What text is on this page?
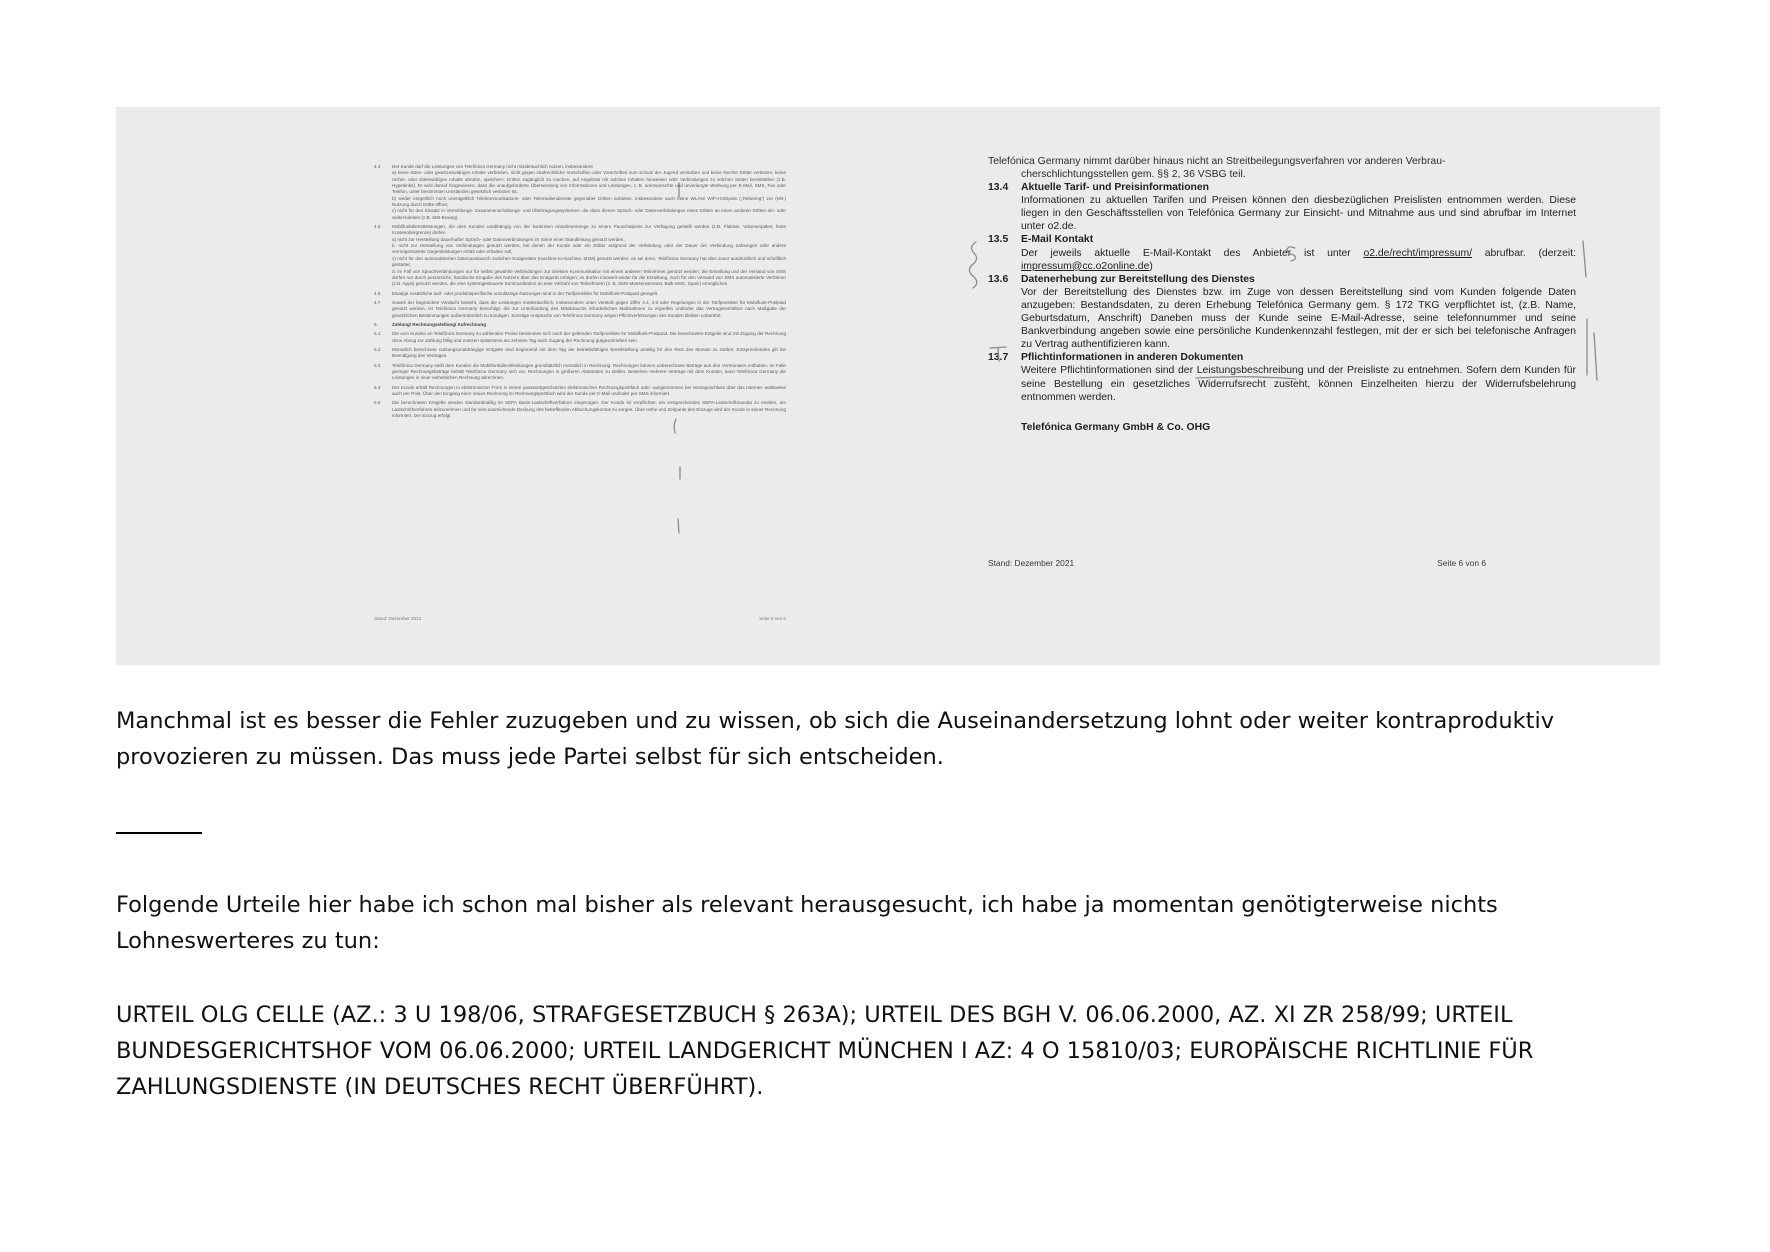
4.4	Der Kunde darf die Leistungen von Telefónica Germany nicht missbräuchlich nutzen, insbesondere
a) keine sitten- oder gesetzeswidrigen Inhalte verbreiten, nicht gegen strafrechtliche Vorschriften oder Vorschriften zum Schutz der Jugend verstoßen und keine Rechte Dritter verletzen, keine rechts- oder sittenwidrigen Inhalte abrufen, speichern, Dritten zugänglich zu machen, auf Angebote mit solchen Inhalten hinweisen oder Verbindungen zu solchen Seiten bereitstellen (z.B. Hyperlinks). Er wird darauf hingewiesen, dass die unaufgeforderte Übersendung von Informationen und Leistungen, z. B. unerwünschte und unverlangte Werbung per E-Mail, SMS, Fax oder Telefon, unter bestimmten Umständen gesetzlich verboten ist;
b) weder entgeltlich noch unentgeltlich Telekommunikations- oder Telemediendienste gegenüber Dritten anbieten, insbesondere auch keine WLAN/ WiFi-HotSpots („Tethering“) zur (Mit-) Nutzung durch Dritte öffnet;
c) nicht für den Einsatz in Vermittlungs- Zusammenschaltungs- und Übertragungssystemen, die dazu dienen Sprach- oder Datenverbindungen eines Dritten an einen anderen Dritten ein- oder weiterzuleiten (z.B. SIM-Boxing).
4.5	Mobilfunkdienstleistungen, die dem Kunden unabhängig von der konkreten Abnahmemenge zu einem Pauschalpreis zur Verfügung gestellt werden (z.B. Flatrate, Volumenpaket, feste Kostenobergrenze) dürfen
a) nicht zur Herstellung dauerhafter Sprach- oder Datenverbindungen im Sinne einer Standleitung genutzt werden,
b. nicht zur Herstellung von Verbindungen genutzt werden, bei denen der Kunde oder ein Dritter aufgrund der Verbindung oder der Dauer der Verbindung Zahlungen oder andere vermögenswerte Gegenleistungen erhält oder erhalten soll,
c) nicht für den automatisierten Datenaustausch zwischen Endgeräten (machine-to-machine, M2M) genutzt werden, es sei denn, Telefónica Germany hat dies zuvor ausdrücklich und schriftlich gestattet,
d. im Fall von Sprachverbindungen nur für selbst gewählte Verbindungen zur direkten Kommunikation mit einem anderen Teilnehmer genutzt werden; die Erstellung und der Versand von SMS dürfen nur durch persönliche, händische Eingabe des Nutzers über das Endgerät erfolgen; es dürfen insoweit weder für die Erstellung, noch für den Versand von SMS automatisierte Verfahren (z.B. Apps) genutzt werden, die eine systemgesteuerte Kommunikation an eine Vielzahl von Teilnehmern (z. B. SMS-Massenversand, Bulk-SMS, Spam) ermöglichen.
4.6	Etwaige zusätzliche tarif- oder produktspezifische unzulässige Nutzungen sind in der Tarifpreisliste für Mobilfunk-Postpaid geregelt.
4.7	Soweit der begründete Verdacht besteht, dass die Leistungen missbräuchlich, insbesondere unter Verstoß gegen Ziffer 4.4, 4.5 oder Regelungen in der Tarifpreisliste für Mobilfunk-Postpaid genutzt werden, ist Telefónica Germany berechtigt, die zur Unterbindung des Missbrauchs erforderlichen Maßnahmen zu ergreifen und/oder das Vertragsverhältnis nach Maßgabe der gesetzlichen Bestimmungen außerordentlich zu kündigen. Sonstige Ansprüche von Telefónica Germany wegen Pflichtverletzungen des Kunden bleiben unberührt.
5.	Zahlung/ Rechnungsstellung/ Aufrechnung
5.1	Die vom Kunden an Telefónica Germany zu zahlenden Preise bestimmen sich nach der geltenden Tarifpreisliste für Mobilfunk-Postpaid. Die berechneten Entgelte sind mit Zugang der Rechnung ohne Abzug zur Zahlung fällig und müssen spätestens am zehnten Tag nach Zugang der Rechnung gutgeschrieben sein.
5.2	Monatlich berechnete nutzungsunabhängige Entgelte sind beginnend mit dem Tag der betriebsfähigen Bereitstellung anteilig für den Rest des Monats zu zahlen; Entsprechendes gilt bei Beendigung des Vertrages.
5.3	Telefónica Germany stellt dem Kunden die Mobilfunkdienstleistungen grundsätzlich monatlich in Rechnung. Rechnungen können unberechnete Beträge aus den Vormonaten enthalten. Im Falle geringer Rechnungsbeträge behält Telefónica Germany sich vor, Rechnungen in größeren Abständen zu stellen. Bestehen mehrere Verträge mit dem Kunden, kann Telefónica Germany die Leistungen in einer einheitlichen Rechnung abrechnen.
5.4	Der Kunde erhält Rechnungen in elektronischer Form in einem passwortgeschützten elektronischen Rechnungspostfach oder -ausgenommen bei Vertragsschluss über das Internet- wahlweise auch per Post. Über den Eingang einer neuen Rechnung im Rechnungspostfach wird der Kunde per E-Mail und/oder per SMS informiert.
5.5	Die berechneten Entgelte werden standardmäßig im SEPA Basis-Lastschriftverfahren eingezogen. Der Kunde ist verpflichtet, ein entsprechendes SEPA-Lastschriftmandat zu erteilen, am Lastschriftverfahren teilzunehmen und für eine ausreichende Deckung des betreffenden Abbuchungskontos zu sorgen. Über Höhe und Zeitpunkt des Einzugs wird der Kunde in seiner Rechnung informiert. Der Einzug erfolgt
Stand: Dezember 2021	Seite 2 von 6
Telefónica Germany nimmt darüber hinaus nicht an Streitbeilegungsverfahren vor anderen Verbrau-
cherschlichtungsstellen gem. §§ 2, 36 VSBG teil.
13.4	Aktuelle Tarif- und Preisinformationen
Informationen zu aktuellen Tarifen und Preisen können den diesbezüglichen Preislisten entnommen werden. Diese liegen in den Geschäftsstellen von Telefónica Germany zur Einsicht- und Mitnahme aus und sind abrufbar im Internet unter o2.de.
13.5	E-Mail Kontakt
Der jeweils aktuelle E-Mail-Kontakt des Anbieter ist unter o2.de/recht/impressum/ abrufbar. (derzeit: impressum@cc.o2online.de)
13.6	Datenerhebung zur Bereitstellung des Dienstes
Vor der Bereitstellung des Dienstes bzw. im Zuge von dessen Bereitstellung sind vom Kunden folgende Daten anzugeben: Bestandsdaten, zu deren Erhebung Telefónica Germany gem. § 172 TKG verpflichtet ist, (z.B. Name, Geburtsdatum, Anschrift) Daneben muss der Kunde seine E-Mail-Adresse, seine telefonnummer und seine Bankverbindung angeben sowie eine persönliche Kundenkennzahl festlegen, mit der er sich bei telefonische Anfragen zu Vertrag authentifizieren kann.
13.7	Pflichtinformationen in anderen Dokumenten
Weitere Pflichtinformationen sind der Leistungsbeschreibung und der Preisliste zu entnehmen. Sofern dem Kunden für seine Bestellung ein gesetzliches Widerrufsrecht zusteht, können Einzelheiten hierzu der Widerrufsbelehrung entnommen werden.
Telefónica Germany GmbH & Co. OHG
Stand: Dezember 2021	Seite 6 von 6

Manchmal ist es besser die Fehler zuzugeben und zu wissen, ob sich die Auseinandersetzung lohnt oder weiter kontraproduktiv provozieren zu müssen. Das muss jede Partei selbst für sich entscheiden.

Folgende Urteile hier habe ich schon mal bisher als relevant herausgesucht, ich habe ja momentan genötigterweise nichts Lohneswerteres zu tun:

URTEIL OLG CELLE (AZ.: 3 U 198/06, STRAFGESETZBUCH § 263A); URTEIL DES BGH V. 06.06.2000, AZ. XI ZR 258/99; URTEIL BUNDESGERICHTSHOF VOM 06.06.2000; URTEIL LANDGERICHT MÜNCHEN I AZ: 4 O 15810/03; EUROPÄISCHE RICHTLINIE FÜR ZAHLUNGSDIENSTE (IN DEUTSCHES RECHT ÜBERFÜHRT).
